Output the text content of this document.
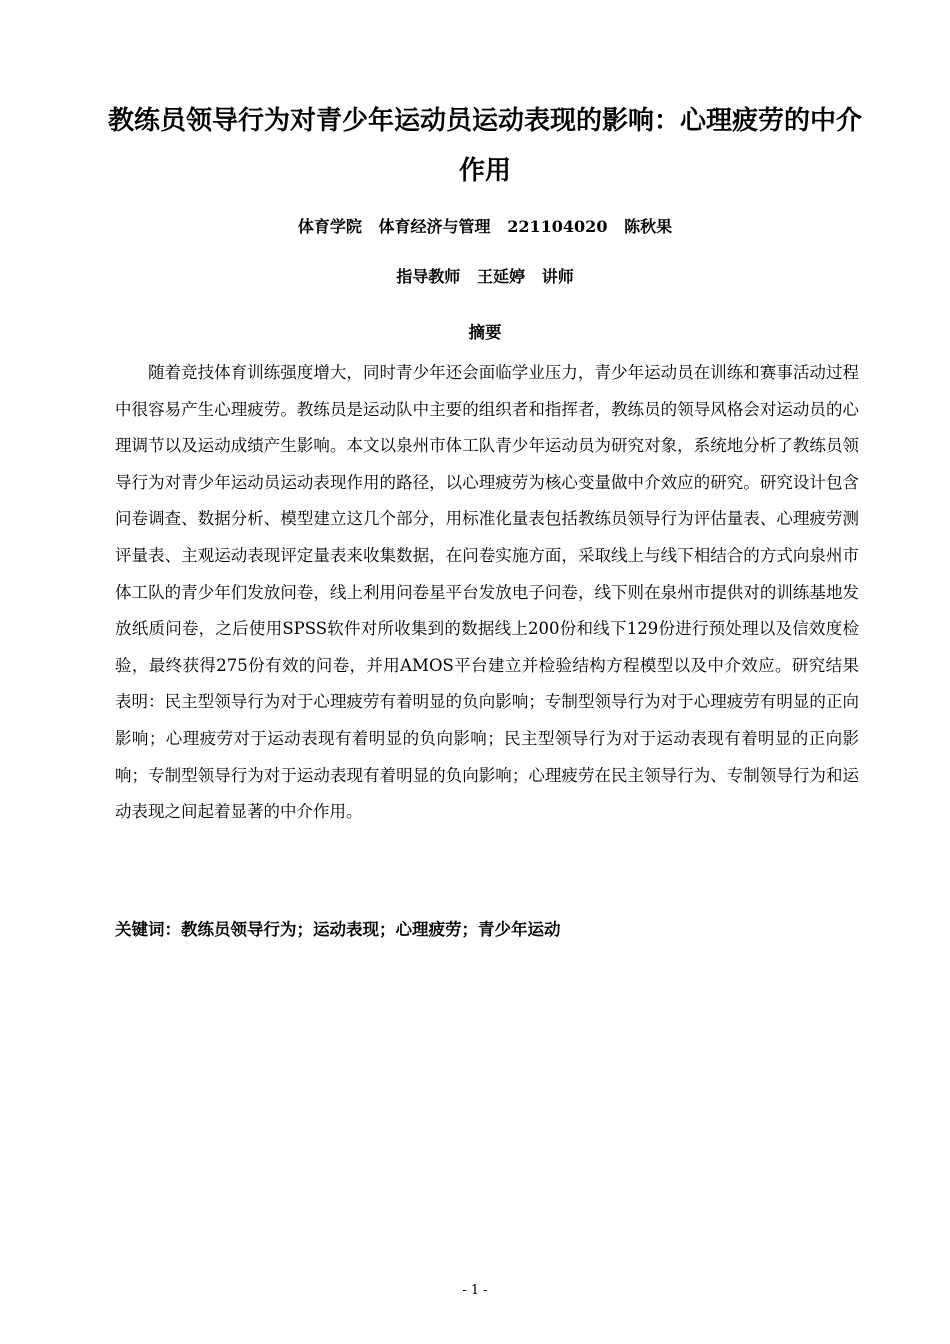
教练员领导行为对青少年运动员运动表现的影响：心理疲劳的中介作用
体育学院   体育经济与管理   221104020   陈秋果
指导教师   王延婷   讲师
摘要

随着竞技体育训练强度增大，同时青少年还会面临学业压力，青少年运动员在训练和赛事活动过程中很容易产生心理疲劳。教练员是运动队中主要的组织者和指挥者，教练员的领导风格会对运动员的心理调节以及运动成绩产生影响。本文以泉州市体工队青少年运动员为研究对象，系统地分析了教练员领导行为对青少年运动员运动表现作用的路径，以心理疲劳为核心变量做中介效应的研究。研究设计包含问卷调查、数据分析、模型建立这几个部分，用标准化量表包括教练员领导行为评估量表、心理疲劳测评量表、主观运动表现评定量表来收集数据，在问卷实施方面，采取线上与线下相结合的方式向泉州市体工队的青少年们发放问卷，线上利用问卷星平台发放电子问卷，线下则在泉州市提供对的训练基地发放纸质问卷，之后使用SPSS软件对所收集到的数据线上200份和线下129份进行预处理以及信效度检验，最终获得275份有效的问卷，并用AMOS平台建立并检验结构方程模型以及中介效应。研究结果表明：民主型领导行为对于心理疲劳有着明显的负向影响；专制型领导行为对于心理疲劳有明显的正向影响；心理疲劳对于运动表现有着明显的负向影响；民主型领导行为对于运动表现有着明显的正向影响；专制型领导行为对于运动表现有着明显的负向影响；心理疲劳在民主领导行为、专制领导行为和运动表现之间起着显著的中介作用。

关键词：教练员领导行为；运动表现；心理疲劳；青少年运动
- 1 -
